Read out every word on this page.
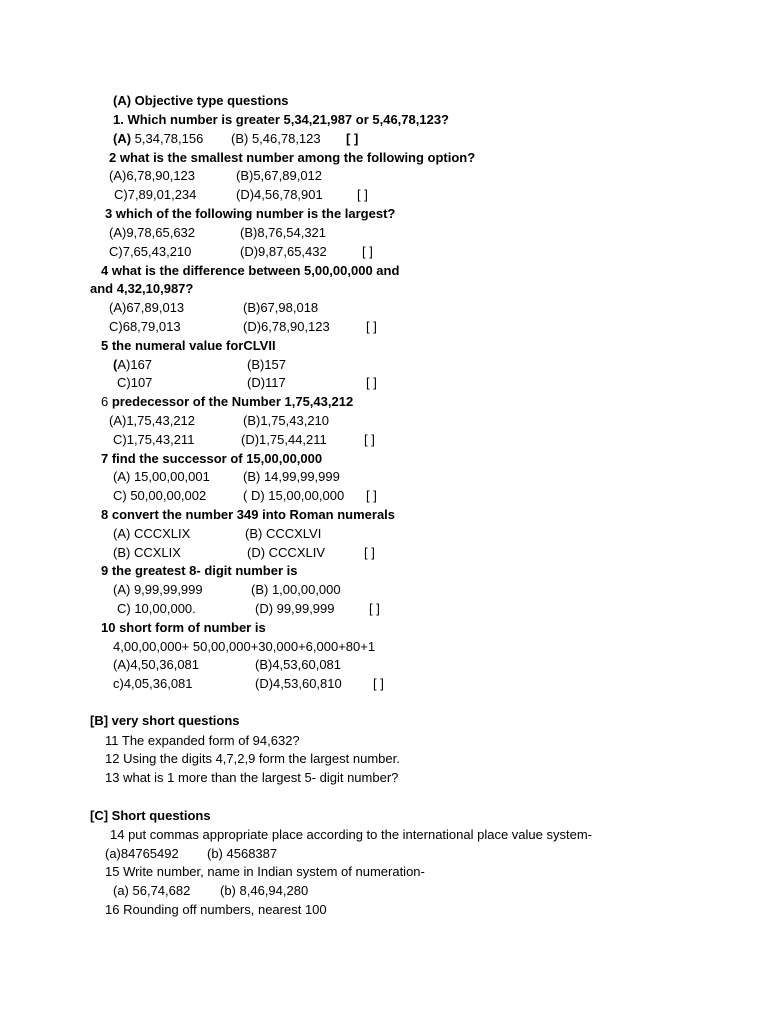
(A) Objective type questions
1. Which number is greater 5,34,21,987 or 5,46,78,123?
(A) 5,34,78,156 (B) 5,46,78,123 [ ]
2 what is the smallest number among the following option?
(A)6,78,90,123	(B)5,67,89,012
C)7,89,01,234	(D)4,56,78,901	[ ]
3 which of the following number is the largest?
(A)9,78,65,632	(B)8,76,54,321
C)7,65,43,210	(D)9,87,65,432	[ ]
4 what is the difference between 5,00,00,000 and
and 4,32,10,987?
(A)67,89,013	(B)67,98,018
C)68,79,013	(D)6,78,90,123	[ ]
5 the numeral value forCLVII
(A)167	(B)157
C)107	(D)117	[ ]
6 predecessor of the Number 1,75,43,212
(A)1,75,43,212	(B)1,75,43,210
C)1,75,43,211	(D)1,75,44,211	[ ]
7 find the successor of 15,00,00,000
(A) 15,00,00,001	(B) 14,99,99,999
C) 50,00,00,002	( D) 15,00,00,000 [ ]
8 convert the number 349 into Roman numerals
(A) CCCXLIX	(B) CCCXLVI
(B) CCXLIX	(D) CCCXLIV	[ ]
9 the greatest 8- digit number is
(A) 9,99,99,999	(B) 1,00,00,000
C) 10,00,000.	(D) 99,99,999	[ ]
10 short form of number is
4,00,00,000+ 50,00,000+30,000+6,000+80+1
(A)4,50,36,081	(B)4,53,60,081
c)4,05,36,081	(D)4,53,60,810 [ ]
[B] very short questions
11 The expanded form of 94,632?
12 Using the digits 4,7,2,9 form the largest number.
13 what is 1 more than the largest 5- digit number?
[C] Short questions
14 put commas appropriate place according to the international place value system-
(a)84765492 (b) 4568387
15 Write number, name in Indian system of numeration-
(a) 56,74,682 (b) 8,46,94,280
16 Rounding off numbers, nearest 100
